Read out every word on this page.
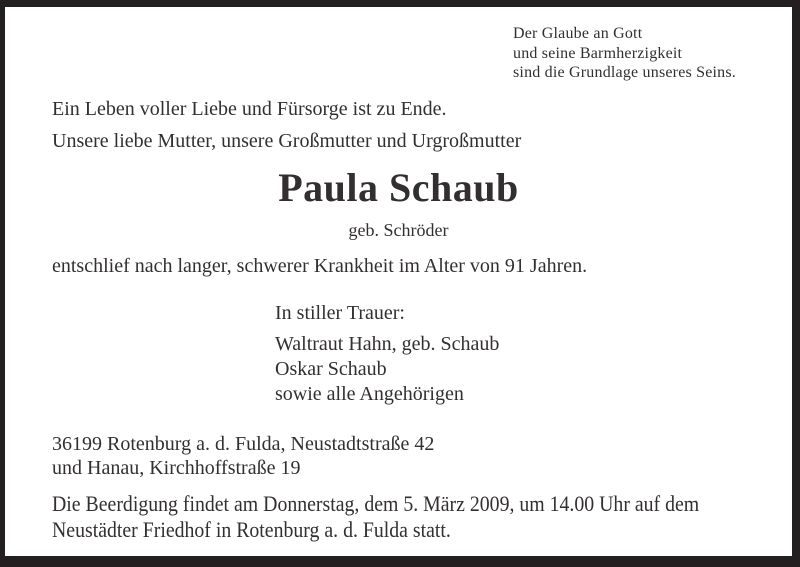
Der Glaube an Gott
und seine Barmherzigkeit
sind die Grundlage unseres Seins.
Ein Leben voller Liebe und Fürsorge ist zu Ende.
Unsere liebe Mutter, unsere Großmutter und Urgroßmutter
Paula Schaub
geb. Schröder
entschlief nach langer, schwerer Krankheit im Alter von 91 Jahren.
In stiller Trauer:
Waltraut Hahn, geb. Schaub
Oskar Schaub
sowie alle Angehörigen
36199 Rotenburg a. d. Fulda, Neustadtstraße 42
und Hanau, Kirchhoffstraße 19
Die Beerdigung findet am Donnerstag, dem 5. März 2009, um 14.00 Uhr auf dem
Neustädter Friedhof in Rotenburg a. d. Fulda statt.
